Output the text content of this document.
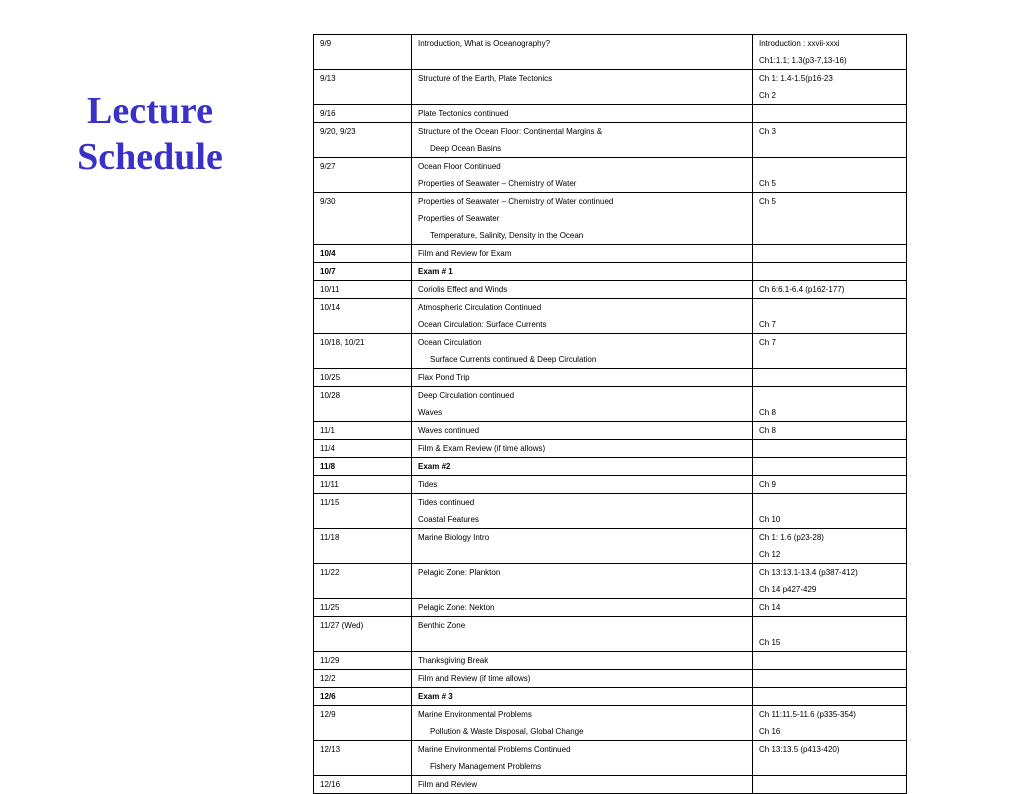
Lecture
Schedule
9/9	Introduction, What is Oceanography?	Introduction : xxvii-xxxi
Ch1:1.1; 1.3(p3-7,13-16)

9/13	Structure of the Earth, Plate Tectonics	Ch 1: 1.4-1.5(p16-23
Ch 2

9/16	Plate Tectonics continued	

9/20, 9/23	Structure of the Ocean Floor: Continental Margins &
Deep Ocean Basins	Ch 3

9/27	Ocean Floor Continued
Properties of Seawater – Chemistry of Water	Ch 5

9/30	Properties of Seawater – Chemistry of Water continued
Properties of Seawater
Temperature, Salinity, Density in the Ocean	Ch 5

10/4	Film and Review for Exam	

10/7	Exam # 1	

10/11	Coriolis Effect and Winds	Ch 6:6.1-6.4 (p162-177)

10/14	Atmospheric Circulation Continued
Ocean Circulation: Surface Currents	Ch 7

10/18, 10/21	Ocean Circulation
Surface Currents continued & Deep Circulation	Ch 7

10/25	Flax Pond Trip	

10/28	Deep Circulation continued
Waves	Ch 8

11/1	Waves continued	Ch 8

11/4	Film & Exam Review (if time allows)	

11/8	Exam #2	

11/11	Tides	Ch 9

11/15	Tides continued
Coastal Features	Ch 10

11/18	Marine Biology Intro	Ch 1: 1.6 (p23-28)
Ch 12

11/22	Pelagic Zone: Plankton	Ch 13:13.1-13.4 (p387-412)
Ch 14 p427-429

11/25	Pelagic Zone: Nekton	Ch 14

11/27 (Wed)	Benthic Zone	Ch 15

11/29	Thanksgiving Break	

12/2	Film and Review (if time allows)	

12/6	Exam # 3	

12/9	Marine Environmental Problems
Pollution & Waste Disposal, Global Change	Ch 11:11.5-11.6 (p335-354)
Ch 16

12/13	Marine Environmental Problems Continued
Fishery Management Problems	Ch 13:13.5 (p413-420)

12/16	Film and Review	
